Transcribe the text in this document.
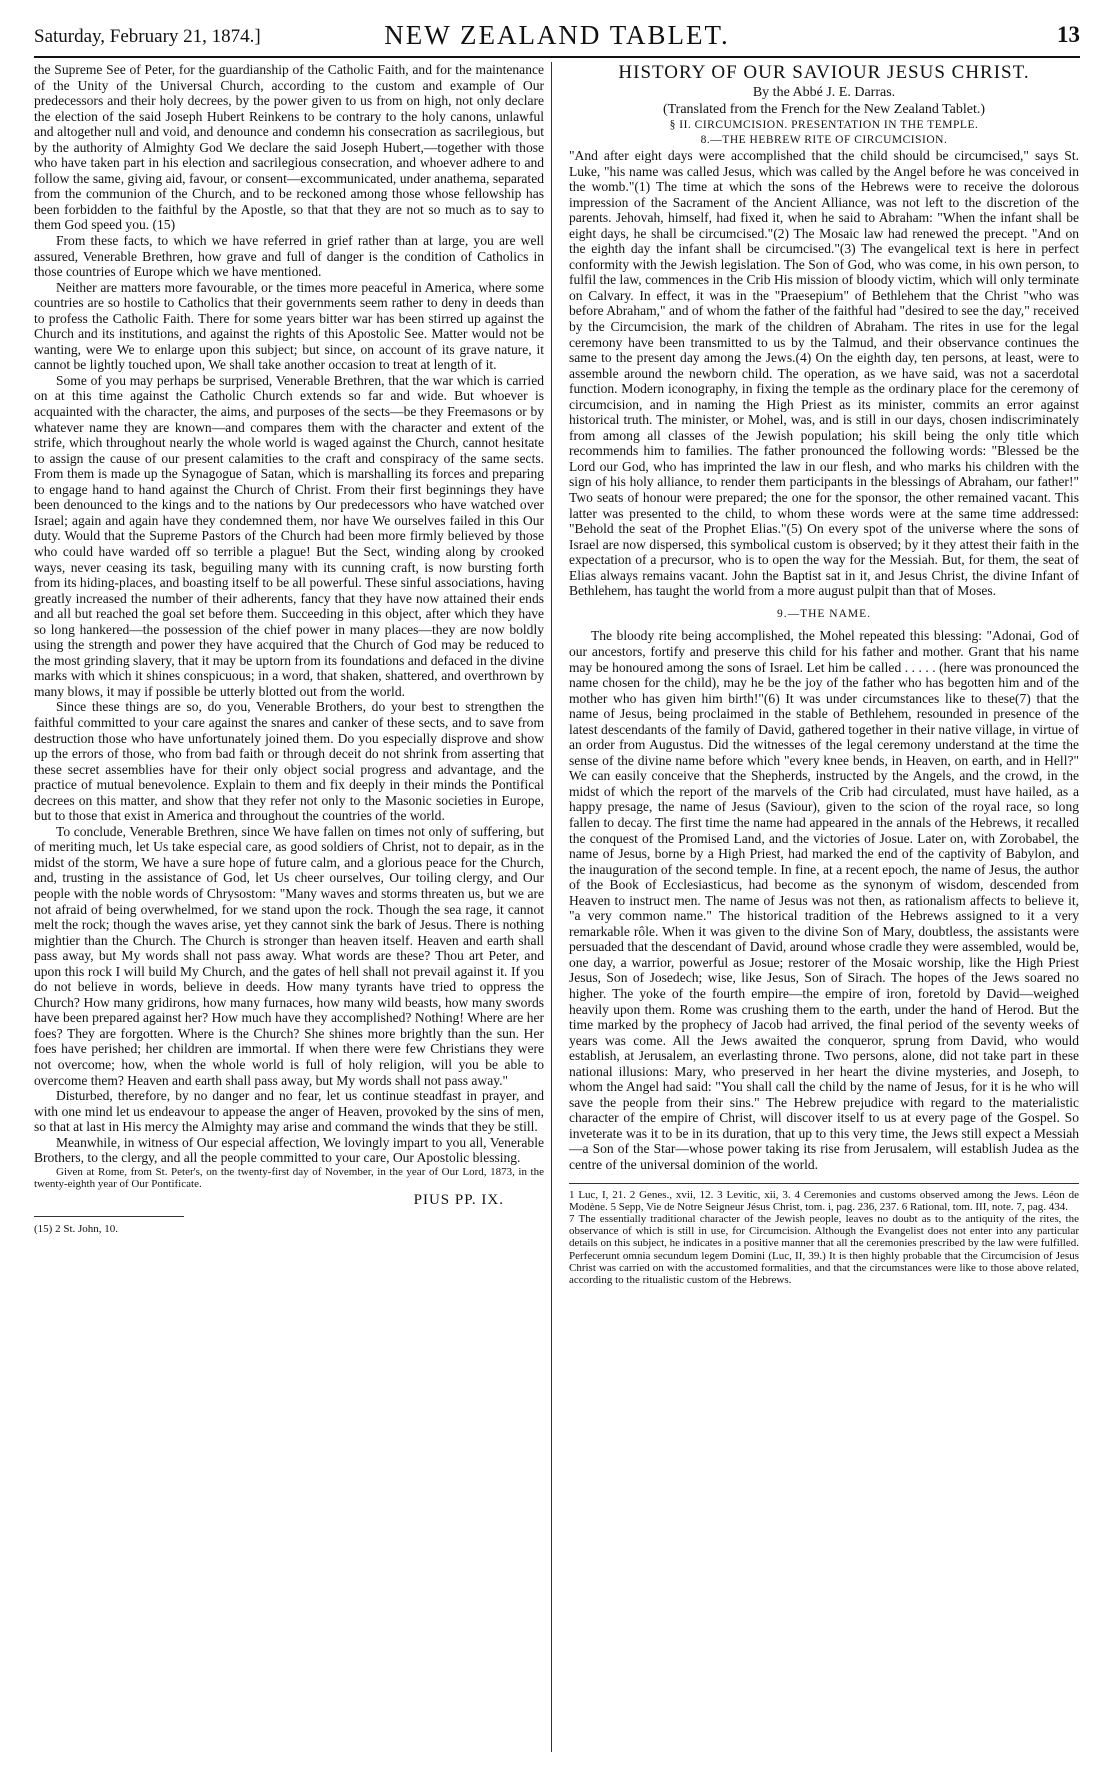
Saturday, February 21, 1874.]	NEW ZEALAND TABLET.	13

the Supreme See of Peter, for the guardianship of the Catholic Faith, and for the maintenance of the Unity of the Universal Church, according to the custom and example of Our predecessors and their holy decrees, by the power given to us from on high, not only declare the election of the said Joseph Hubert Reinkens to be contrary to the holy canons, unlawful and altogether null and void, and denounce and condemn his consecration as sacrilegious, but by the authority of Almighty God We declare the said Joseph Hubert,—together with those who have taken part in his election and sacrilegious consecration, and whoever adhere to and follow the same, giving aid, favour, or consent—excommunicated, under anathema, separated from the communion of the Church, and to be reckoned among those whose fellowship has been forbidden to the faithful by the Apostle, so that that they are not so much as to say to them God speed you. (15)

From these facts, to which we have referred in grief rather than at large, you are well assured, Venerable Brethren, how grave and full of danger is the condition of Catholics in those countries of Europe which we have mentioned.

Neither are matters more favourable, or the times more peaceful in America, where some countries are so hostile to Catholics that their governments seem rather to deny in deeds than to profess the Catholic Faith. There for some years bitter war has been stirred up against the Church and its institutions, and against the rights of this Apostolic See. Matter would not be wanting, were We to enlarge upon this subject; but since, on account of its grave nature, it cannot be lightly touched upon, We shall take another occasion to treat at length of it.

Some of you may perhaps be surprised, Venerable Brethren, that the war which is carried on at this time against the Catholic Church extends so far and wide. But whoever is acquainted with the character, the aims, and purposes of the sects—be they Freemasons or by whatever name they are known—and compares them with the character and extent of the strife, which throughout nearly the whole world is waged against the Church, cannot hesitate to assign the cause of our present calamities to the craft and conspiracy of the same sects. From them is made up the Synagogue of Satan, which is marshalling its forces and preparing to engage hand to hand against the Church of Christ. From their first beginnings they have been denounced to the kings and to the nations by Our predecessors who have watched over Israel; again and again have they condemned them, nor have We ourselves failed in this Our duty. Would that the Supreme Pastors of the Church had been more firmly believed by those who could have warded off so terrible a plague! But the Sect, winding along by crooked ways, never ceasing its task, beguiling many with its cunning craft, is now bursting forth from its hiding-places, and boasting itself to be all powerful. These sinful associations, having greatly increased the number of their adherents, fancy that they have now attained their ends and all but reached the goal set before them. Succeeding in this object, after which they have so long hankered—the possession of the chief power in many places—they are now boldly using the strength and power they have acquired that the Church of God may be reduced to the most grinding slavery, that it may be uptorn from its foundations and defaced in the divine marks with which it shines conspicuous; in a word, that shaken, shattered, and overthrown by many blows, it may if possible be utterly blotted out from the world.

Since these things are so, do you, Venerable Brothers, do your best to strengthen the faithful committed to your care against the snares and canker of these sects, and to save from destruction those who have unfortunately joined them. Do you especially disprove and show up the errors of those, who from bad faith or through deceit do not shrink from asserting that these secret assemblies have for their only object social progress and advantage, and the practice of mutual benevolence. Explain to them and fix deeply in their minds the Pontifical decrees on this matter, and show that they refer not only to the Masonic societies in Europe, but to those that exist in America and throughout the countries of the world.

To conclude, Venerable Brethren, since We have fallen on times not only of suffering, but of meriting much, let Us take especial care, as good soldiers of Christ, not to depair, as in the midst of the storm, We have a sure hope of future calm, and a glorious peace for the Church, and, trusting in the assistance of God, let Us cheer ourselves, Our toiling clergy, and Our people with the noble words of Chrysostom: "Many waves and storms threaten us, but we are not afraid of being overwhelmed, for we stand upon the rock. Though the sea rage, it cannot melt the rock; though the waves arise, yet they cannot sink the bark of Jesus. There is nothing mightier than the Church. The Church is stronger than heaven itself. Heaven and earth shall pass away, but My words shall not pass away. What words are these? Thou art Peter, and upon this rock I will build My Church, and the gates of hell shall not prevail against it. If you do not believe in words, believe in deeds. How many tyrants have tried to oppress the Church? How many gridirons, how many furnaces, how many wild beasts, how many swords have been prepared against her? How much have they accomplished? Nothing! Where are her foes? They are forgotten. Where is the Church? She shines more brightly than the sun. Her foes have perished; her children are immortal. If when there were few Christians they were not overcome; how, when the whole world is full of holy religion, will you be able to overcome them? Heaven and earth shall pass away, but My words shall not pass away."

Disturbed, therefore, by no danger and no fear, let us continue steadfast in prayer, and with one mind let us endeavour to appease the anger of Heaven, provoked by the sins of men, so that at last in His mercy the Almighty may arise and command the winds that they be still.

Meanwhile, in witness of Our especial affection, We lovingly impart to you all, Venerable Brothers, to the clergy, and all the people committed to your care, Our Apostolic blessing.

Given at Rome, from St. Peter's, on the twenty-first day of November, in the year of Our Lord, 1873, in the twenty-eighth year of Our Pontificate.

PIUS PP. IX.
(15) 2 St. John, 10.
HISTORY OF OUR SAVIOUR JESUS CHRIST.
By the Abbé J. E. Darras.
(Translated from the French for the New Zealand Tablet.)
§ II. CIRCUMCISION. PRESENTATION IN THE TEMPLE.
8.—THE HEBREW RITE OF CIRCUMCISION.

"And after eight days were accomplished that the child should be circumcised," says St. Luke, "his name was called Jesus, which was called by the Angel before he was conceived in the womb."(1) The time at which the sons of the Hebrews were to receive the dolorous impression of the Sacrament of the Ancient Alliance, was not left to the discretion of the parents. Jehovah, himself, had fixed it, when he said to Abraham: "When the infant shall be eight days, he shall be circumcised."(2) The Mosaic law had renewed the precept. "And on the eighth day the infant shall be circumcised."(3) The evangelical text is here in perfect conformity with the Jewish legislation. The Son of God, who was come, in his own person, to fulfil the law, commences in the Crib His mission of bloody victim, which will only terminate on Calvary. In effect, it was in the "Praesepium" of Bethlehem that the Christ "who was before Abraham," and of whom the father of the faithful had "desired to see the day," received by the Circumcision, the mark of the children of Abraham. The rites in use for the legal ceremony have been transmitted to us by the Talmud, and their observance continues the same to the present day among the Jews.(4) On the eighth day, ten persons, at least, were to assemble around the newborn child. The operation, as we have said, was not a sacerdotal function. Modern iconography, in fixing the temple as the ordinary place for the ceremony of circumcision, and in naming the High Priest as its minister, commits an error against historical truth. The minister, or Mohel, was, and is still in our days, chosen indiscriminately from among all classes of the Jewish population; his skill being the only title which recommends him to families. The father pronounced the following words: "Blessed be the Lord our God, who has imprinted the law in our flesh, and who marks his children with the sign of his holy alliance, to render them participants in the blessings of Abraham, our father!" Two seats of honour were prepared; the one for the sponsor, the other remained vacant. This latter was presented to the child, to whom these words were at the same time addressed: "Behold the seat of the Prophet Elias."(5) On every spot of the universe where the sons of Israel are now dispersed, this symbolical custom is observed; by it they attest their faith in the expectation of a precursor, who is to open the way for the Messiah. But, for them, the seat of Elias always remains vacant. John the Baptist sat in it, and Jesus Christ, the divine Infant of Bethlehem, has taught the world from a more august pulpit than that of Moses.

9.—THE NAME.

The bloody rite being accomplished, the Mohel repeated this blessing: "Adonai, God of our ancestors, fortify and preserve this child for his father and mother. Grant that his name may be honoured among the sons of Israel. Let him be called . . . . . (here was pronounced the name chosen for the child), may he be the joy of the father who has begotten him and of the mother who has given him birth!"(6) It was under circumstances like to these(7) that the name of Jesus, being proclaimed in the stable of Bethlehem, resounded in presence of the latest descendants of the family of David, gathered together in their native village, in virtue of an order from Augustus. Did the witnesses of the legal ceremony understand at the time the sense of the divine name before which "every knee bends, in Heaven, on earth, and in Hell?" We can easily conceive that the Shepherds, instructed by the Angels, and the crowd, in the midst of which the report of the marvels of the Crib had circulated, must have hailed, as a happy presage, the name of Jesus (Saviour), given to the scion of the royal race, so long fallen to decay. The first time the name had appeared in the annals of the Hebrews, it recalled the conquest of the Promised Land, and the victories of Josue. Later on, with Zorobabel, the name of Jesus, borne by a High Priest, had marked the end of the captivity of Babylon, and the inauguration of the second temple. In fine, at a recent epoch, the name of Jesus, the author of the Book of Ecclesiasticus, had become as the synonym of wisdom, descended from Heaven to instruct men. The name of Jesus was not then, as rationalism affects to believe it, "a very common name." The historical tradition of the Hebrews assigned to it a very remarkable rôle. When it was given to the divine Son of Mary, doubtless, the assistants were persuaded that the descendant of David, around whose cradle they were assembled, would be, one day, a warrior, powerful as Josue; restorer of the Mosaic worship, like the High Priest Jesus, Son of Josedech; wise, like Jesus, Son of Sirach. The hopes of the Jews soared no higher. The yoke of the fourth empire—the empire of iron, foretold by David—weighed heavily upon them. Rome was crushing them to the earth, under the hand of Herod. But the time marked by the prophecy of Jacob had arrived, the final period of the seventy weeks of years was come. All the Jews awaited the conqueror, sprung from David, who would establish, at Jerusalem, an everlasting throne. Two persons, alone, did not take part in these national illusions: Mary, who preserved in her heart the divine mysteries, and Joseph, to whom the Angel had said: "You shall call the child by the name of Jesus, for it is he who will save the people from their sins." The Hebrew prejudice with regard to the materialistic character of the empire of Christ, will discover itself to us at every page of the Gospel. So inveterate was it to be in its duration, that up to this very time, the Jews still expect a Messiah—a Son of the Star—whose power taking its rise from Jerusalem, will establish Judea as the centre of the universal dominion of the world.

1 Luc, I, 21. 2 Genes., xvii, 12. 3 Levitic, xii, 3. 4 Ceremonies and customs observed among the Jews. Léon de Modène. 5 Sepp, Vie de Notre Seigneur Jésus Christ, tom. i, pag. 236, 237. 6 Rational, tom. III, note. 7, pag. 434.
7 The essentially traditional character of the Jewish people, leaves no doubt as to the antiquity of the rites, the observance of which is still in use, for Circumcision. Although the Evangelist does not enter into any particular details on this subject, he indicates in a positive manner that all the ceremonies prescribed by the law were fulfilled. Perfecerunt omnia secundum legem Domini (Luc, II, 39.) It is then highly probable that the Circumcision of Jesus Christ was carried on with the accustomed formalities, and that the circumstances were like to those above related, according to the ritualistic custom of the Hebrews.
